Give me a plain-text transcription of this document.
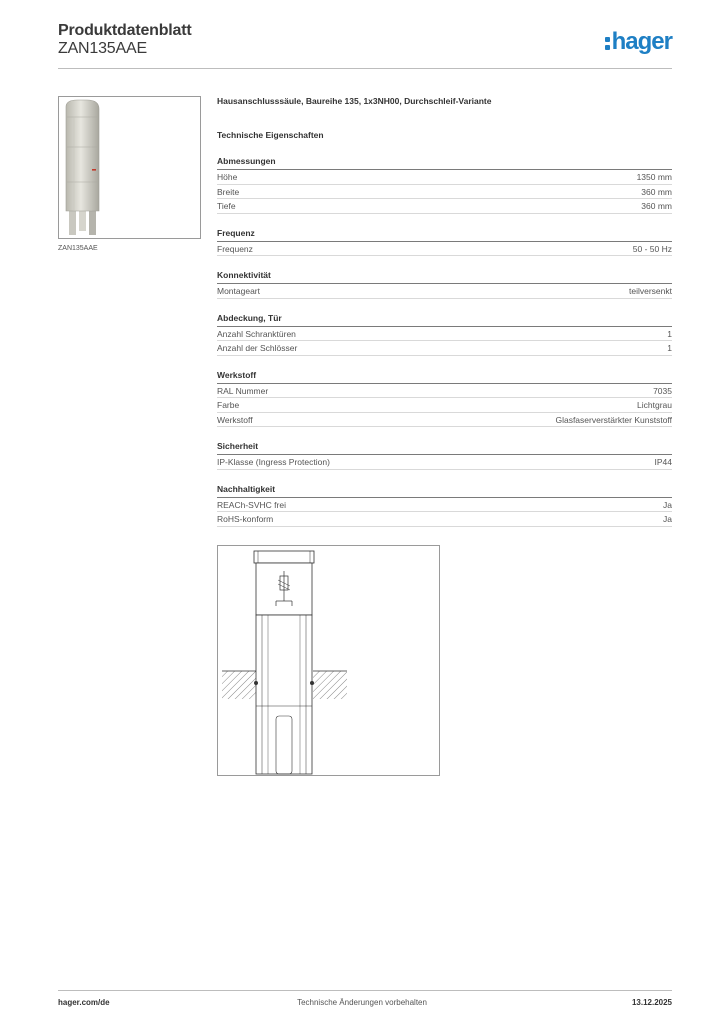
Produktdatenblatt
ZAN135AAE	hager
ZAN135AAE
Hausanschlusssäule, Baureihe 135, 1x3NH00, Durchschleif-Variante
Technische Eigenschaften
Abmessungen
Höhe	1350 mm
Breite	360 mm
Tiefe	360 mm
Frequenz
Frequenz	50 - 50 Hz
Konnektivität
Montageart	teilversenkt
Abdeckung, Tür
Anzahl Schranktüren	1
Anzahl der Schlösser	1
Werkstoff
RAL Nummer	7035
Farbe	Lichtgrau
Werkstoff	Glasfaserverstärkter Kunststoff
Sicherheit
IP-Klasse (Ingress Protection)	IP44
Nachhaltigkeit
REACh-SVHC frei	Ja
RoHS-konform	Ja
hager.com/de	Technische Änderungen vorbehalten	13.12.2025
